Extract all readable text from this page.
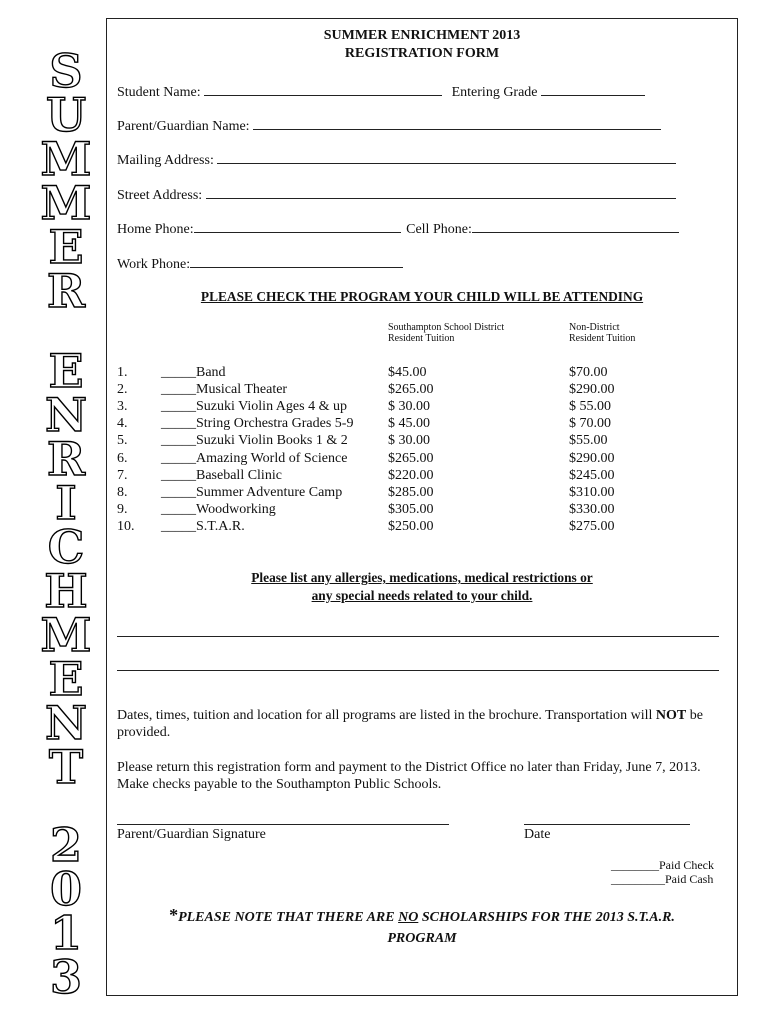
S
U
M
M
E
R
E
N
R
I
C
H
M
E
N
T
2
0
1
3
SUMMER ENRICHMENT 2013
REGISTRATION FORM
Student Name:	Entering Grade
Parent/Guardian Name:
Mailing Address:
Street Address:
Home Phone:	Cell Phone:
Work Phone:
PLEASE CHECK THE PROGRAM YOUR CHILD WILL BE ATTENDING
Southampton School District
Resident Tuition
Non-District
Resident Tuition
1. _____ Band	$45.00	$70.00
2. _____ Musical Theater	$265.00	$290.00
3. _____ Suzuki Violin Ages 4 & up	$ 30.00	$ 55.00
4. _____ String Orchestra Grades 5-9 $ 45.00	$ 70.00
5. _____ Suzuki Violin Books 1 & 2	$ 30.00	$55.00
6. _____ Amazing World of Science	$265.00	$290.00
7. _____ Baseball Clinic	$220.00	$245.00
8. _____ Summer Adventure Camp	$285.00	$310.00
9. _____ Woodworking	$305.00	$330.00
10. _____ S.T.A.R.	$250.00	$275.00
Please list any allergies, medications, medical restrictions or
any special needs related to your child.
Dates, times, tuition and location for all programs are listed in the brochure. Transportation will NOT be provided.
Please return this registration form and payment to the District Office no later than Friday, June 7, 2013. Make checks payable to the Southampton Public Schools.
Parent/Guardian Signature	Date
________Paid Check
_________Paid Cash
*PLEASE NOTE THAT THERE ARE NO SCHOLARSHIPS FOR THE 2013 S.T.A.R.
PROGRAM
